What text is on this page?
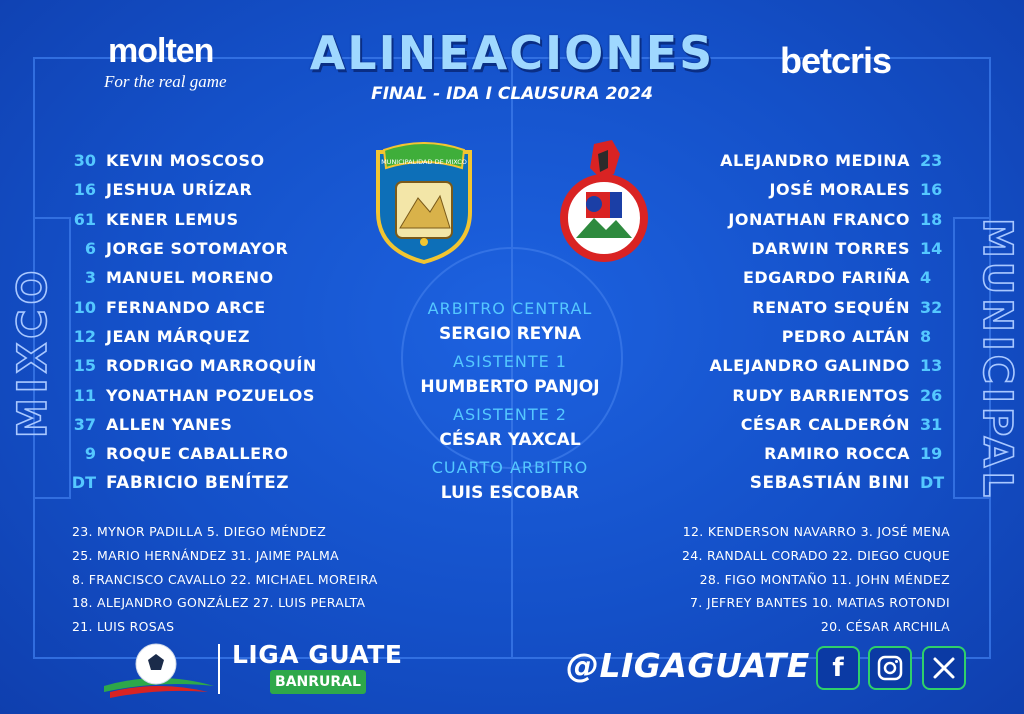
molten
For the real game
ALINEACIONES
FINAL - IDA I CLAUSURA 2024
betcris
MIXCO	MUNICIPAL
30 KEVIN MOSCOSO
16 JESHUA URÍZAR
61 KENER LEMUS
6 JORGE SOTOMAYOR
3 MANUEL MORENO
10 FERNANDO ARCE
12 JEAN MÁRQUEZ
15 RODRIGO MARROQUÍN
11 YONATHAN POZUELOS
37 ALLEN YANES
9 ROQUE CABALLERO
DT FABRICIO BENÍTEZ
ALEJANDRO MEDINA 23
JOSÉ MORALES 16
JONATHAN FRANCO 18
DARWIN TORRES 14
EDGARDO FARIÑA 4
RENATO SEQUÉN 32
PEDRO ALTÁN 8
ALEJANDRO GALINDO 13
RUDY BARRIENTOS 26
CÉSAR CALDERÓN 31
RAMIRO ROCCA 19
SEBASTIÁN BINI DT
MUNICIPALIDAD DE MIXCO
ARBITRO CENTRAL
SERGIO REYNA
ASISTENTE 1
HUMBERTO PANJOJ
ASISTENTE 2
CÉSAR YAXCAL
CUARTO ARBITRO
LUIS ESCOBAR
23. MYNOR PADILLA 5. DIEGO MÉNDEZ
25. MARIO HERNÁNDEZ 31. JAIME PALMA
8. FRANCISCO CAVALLO 22. MICHAEL MOREIRA
18. ALEJANDRO GONZÁLEZ 27. LUIS PERALTA
21. LUIS ROSAS
12. KENDERSON NAVARRO 3. JOSÉ MENA
24. RANDALL CORADO 22. DIEGO CUQUE
28. FIGO MONTAÑO 11. JOHN MÉNDEZ
7. JEFREY BANTES 10. MATIAS ROTONDI
20. CÉSAR ARCHILA
LIGA GUATE
BANRURAL	@LIGAGUATE f
